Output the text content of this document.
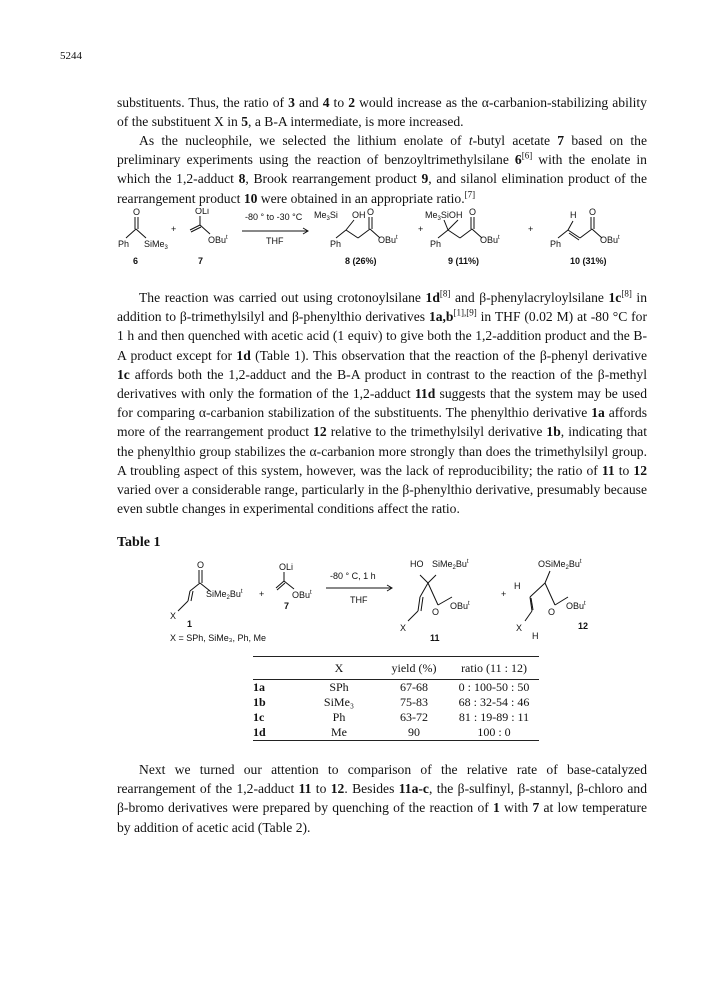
5244

substituents. Thus, the ratio of 3 and 4 to 2 would increase as the α-carbanion-stabilizing ability of the substituent X in 5, a B-A intermediate, is more increased.

As the nucleophile, we selected the lithium enolate of t-butyl acetate 7 based on the preliminary experiments using the reaction of benzoyltrimethylsilane 6[6] with the enolate in which the 1,2-adduct 8, Brook rearrangement product 9, and silanol elimination product of the rearrangement product 10 were obtained in an appropriate ratio.[7]

O
Ph SiMe$_3$
6
+
OLi
OBu$^t$
7
-80 ° to -30 °C
THF
$Me_3Si$ OH O
Ph	OBu$^t$
8 (26%)
+
$Me_3SiO$ H O
Ph	OBu$^t$
9 (11%)
+
H O
Ph	OBu$^t$
10 (31%)

The reaction was carried out using crotonoylsilane 1d[8] and β-phenylacryloylsilane 1c[8] in addition to β-trimethylsilyl and β-phenylthio derivatives 1a,b[1],[9] in THF (0.02 M) at -80 °C for 1 h and then quenched with acetic acid (1 equiv) to give both the 1,2-addition product and the B-A product except for 1d (Table 1). This observation that the reaction of the β-phenyl derivative 1c affords both the 1,2-adduct and the B-A product in contrast to the reaction of the β-methyl derivatives with only the formation of the 1,2-adduct 11d suggests that the system may be used for comparing α-carbanion stabilization of the substituents. The phenylthio derivative 1a affords more of the rearrangement product 12 relative to the trimethylsilyl derivative 1b, indicating that the phenylthio group stabilizes the α-carbanion more strongly than does the trimethylsilyl group. A troubling aspect of this system, however, was the lack of reproducibility; the ratio of 11 to 12 varied over a considerable range, particularly in the β-phenylthio derivative, presumably because even subtle changes in experimental conditions affect the ratio.

Table 1
O
$SiMe_2Bu^t$
X
1
+
OLi
OBu$^t$
7
-80 ° C, 1 h
THF
HO $SiMe_2Bu^t$
X
O
OBu$^t$
11
+
$OSiMe_2Bu^t$
H
X
H
O
OBu$^t$
12
X = SPh, SiMe₃, Ph, Me
	X	yield (%)	ratio (11 : 12)
1a	SPh	67-68	0 : 100-50 : 50
1b	SiMe₃	75-83	68 : 32-54 : 46
1c	Ph	63-72	81 : 19-89 : 11
1d	Me	90	100 : 0

Next we turned our attention to comparison of the relative rate of base-catalyzed rearrangement of the 1,2-adduct 11 to 12. Besides 11a-c, the β-sulfinyl, β-stannyl, β-chloro and β-bromo derivatives were prepared by quenching of the reaction of 1 with 7 at low temperature by addition of acetic acid (Table 2).
